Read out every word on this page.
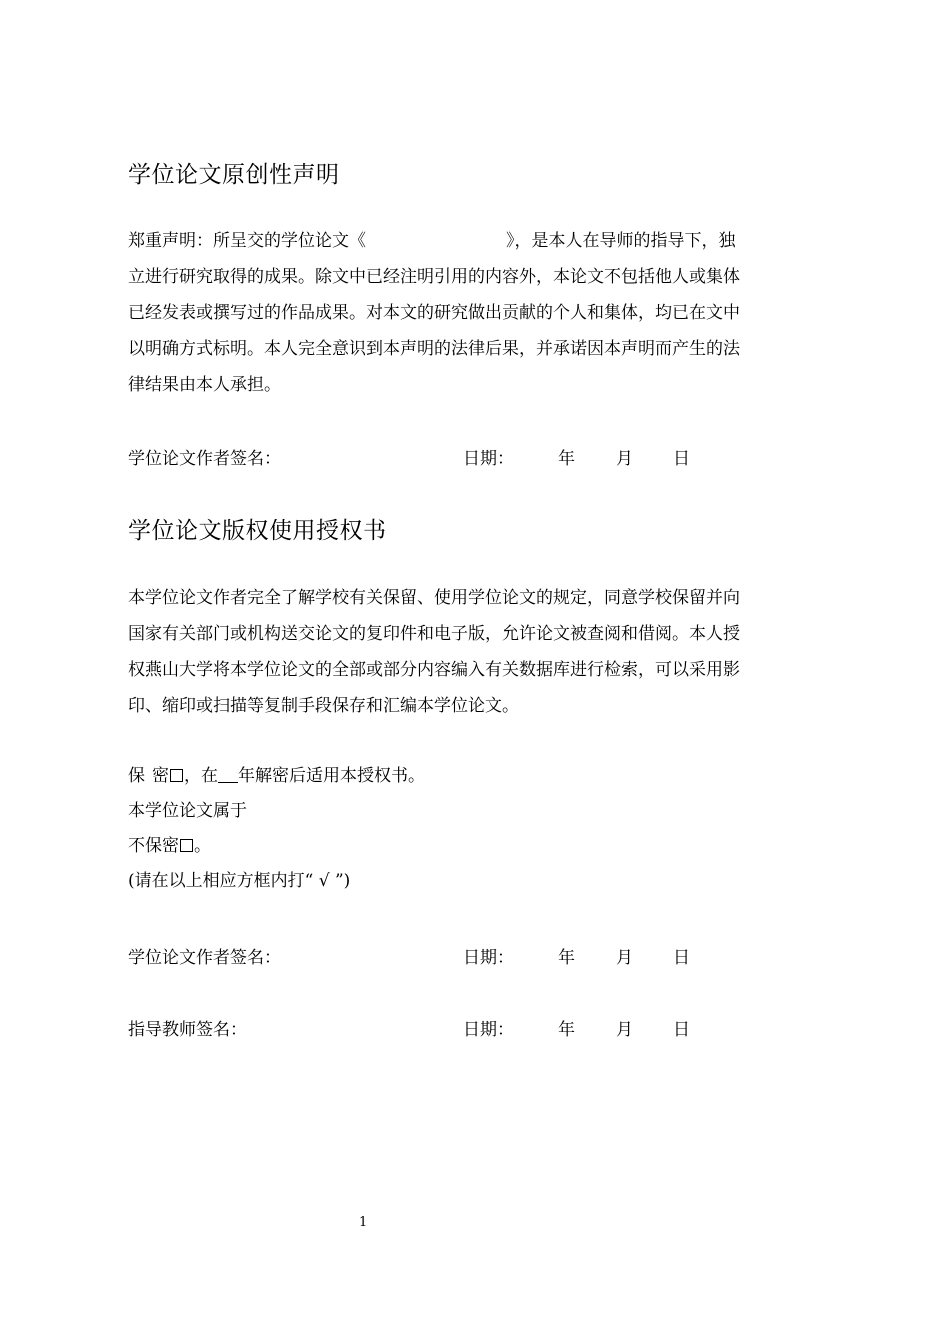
学位论文原创性声明
郑重声明：所呈交的学位论文《	》，是本人在导师的指导下，独
立进行研究取得的成果。除文中已经注明引用的内容外，本论文不包括他人或集体
已经发表或撰写过的作品成果。对本文的研究做出贡献的个人和集体，均已在文中
以明确方式标明。本人完全意识到本声明的法律后果，并承诺因本声明而产生的法
律结果由本人承担。
学位论文作者签名：	日期：	年 月 日
学位论文版权使用授权书
本学位论文作者完全了解学校有关保留、使用学位论文的规定，同意学校保留并向
国家有关部门或机构送交论文的复印件和电子版，允许论文被查阅和借阅。本人授
权燕山大学将本学位论文的全部或部分内容编入有关数据库进行检索，可以采用影
印、缩印或扫描等复制手段保存和汇编本学位论文。
保 密 ，在 年解密后适用本授权书。
本学位论文属于
不保密 。
(请在以上相应方框内打“ √ ”)
学位论文作者签名：	日期：	年 月 日
指导教师签名：	日期：	年 月 日
1
